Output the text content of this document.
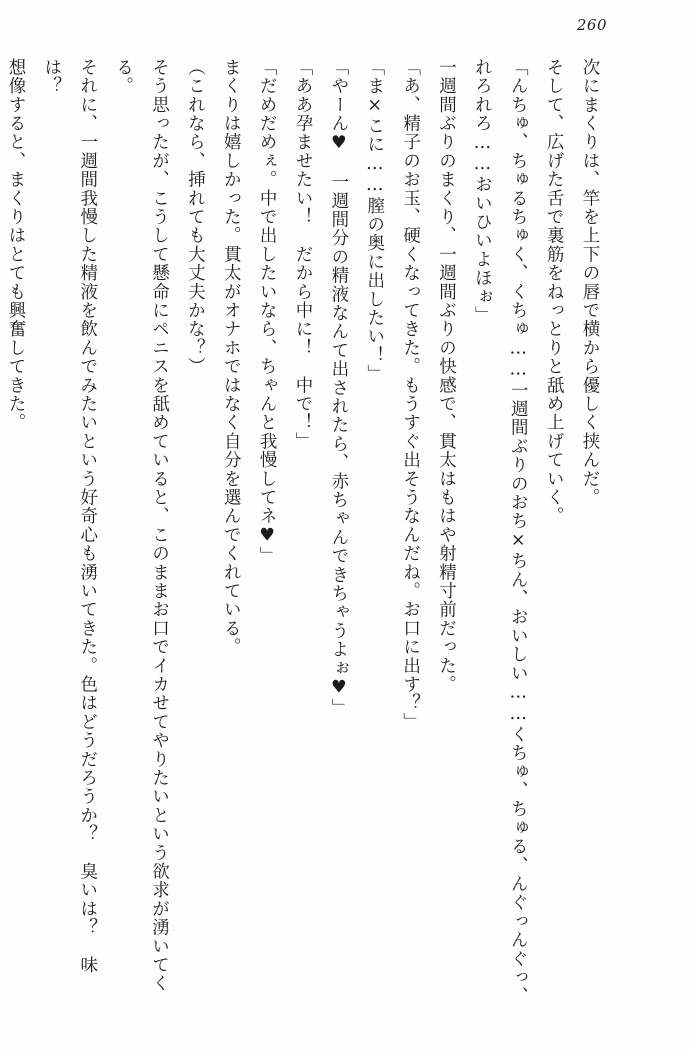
260

次にまくりは、竿を上下の唇で横から優しく挟んだ。

そして、広げた舌で裏筋をねっとりと舐め上げていく。

「んちゅ、ちゅるちゅく、くちゅ……一週間ぶりのおち×ちん、おいしい……くちゅ、ちゅる、んぐっんぐっ、れろれろ……おいひいよほぉ」

一週間ぶりのまくり、一週間ぶりの快感で、貫太はもはや射精寸前だった。

「あ、精子のお玉、硬くなってきた。もうすぐ出そうなんだね。お口に出す？」

「ま×こに……膣の奥に出したい！」

「やーん♥　一週間分の精液なんて出されたら、赤ちゃんできちゃうよぉ♥」

「ああ孕ませたい！　だから中に！　中で！」

「だめだめぇ。中で出したいなら、ちゃんと我慢してネ♥」

まくりは嬉しかった。貫太がオナホではなく自分を選んでくれている。

（これなら、挿れても大丈夫かな？）

そう思ったが、こうして懸命にペニスを舐めていると、このままお口でイカせてやりたいという欲求が湧いてくる。

それに、一週間我慢した精液を飲んでみたいという好奇心も湧いてきた。色はどうだろうか？　臭いは？　味は？

想像すると、まくりはとても興奮してきた。
